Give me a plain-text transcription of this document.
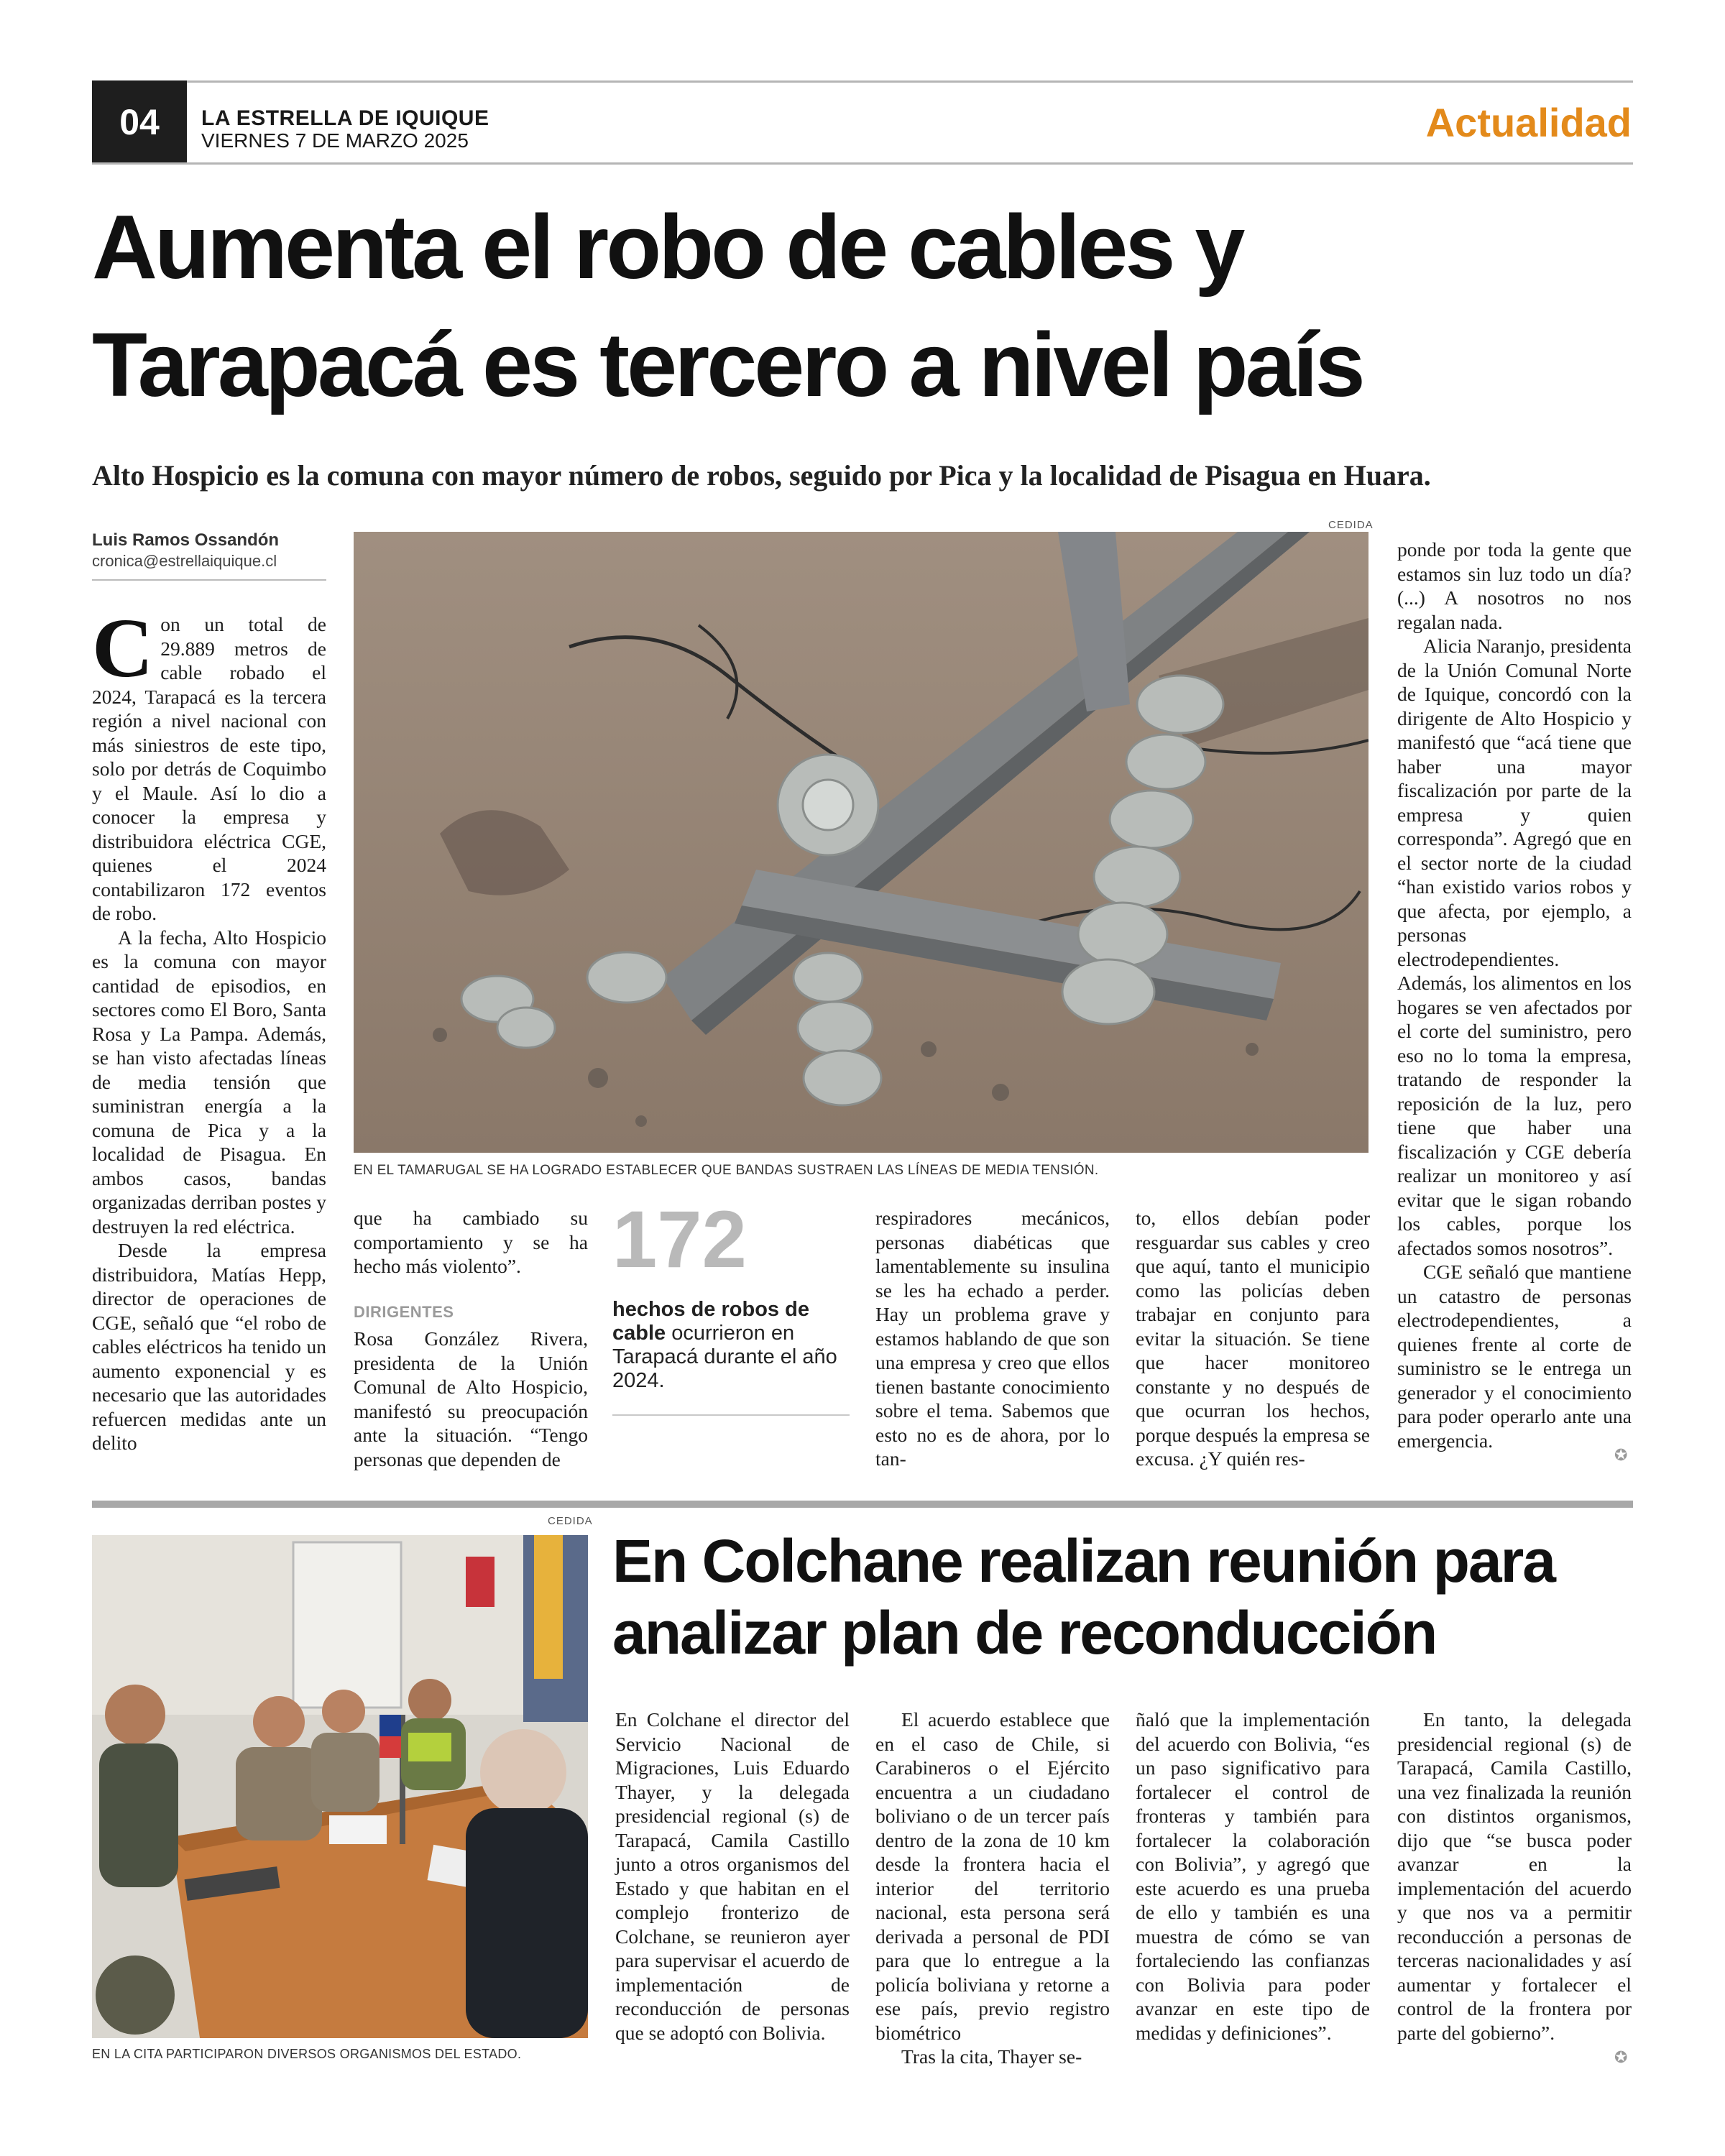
04	LA ESTRELLA DE IQUIQUE
VIERNES 7 DE MARZO 2025	Actualidad
Aumenta el robo de cables y
Tarapacá es tercero a nivel país
Alto Hospicio es la comuna con mayor número de robos, seguido por Pica y la localidad de Pisagua en Huara.
Luis Ramos Ossandón
cronica@estrellaiquique.cl

Con un total de 29.889 metros de cable robado el 2024, Tarapacá es la tercera región a nivel nacional con más siniestros de este tipo, solo por detrás de Coquimbo y el Maule. Así lo dio a conocer la empresa y distribuidora eléctrica CGE, quienes el 2024 contabilizaron 172 eventos de robo.

A la fecha, Alto Hospicio es la comuna con mayor cantidad de episodios, en sectores como El Boro, Santa Rosa y La Pampa. Además, se han visto afectadas líneas de media tensión que suministran energía a la comuna de Pica y a la localidad de Pisagua. En ambos casos, bandas organizadas derriban postes y destruyen la red eléctrica.

Desde la empresa distribuidora, Matías Hepp, director de operaciones de CGE, señaló que “el robo de cables eléctricos ha tenido un aumento exponencial y es necesario que las autoridades refuercen medidas ante un delito

CEDIDA
EN EL TAMARUGAL SE HA LOGRADO ESTABLECER QUE BANDAS SUSTRAEN LAS LÍNEAS DE MEDIA TENSIÓN.

que ha cambiado su comportamiento y se ha hecho más violento”.

DIRIGENTES

Rosa González Rivera, presidenta de la Unión Comunal de Alto Hospicio, manifestó su preocupación ante la situación. “Tengo personas que dependen de

172
hechos de robos de cable ocurrieron en Tarapacá durante el año 2024.

respiradores mecánicos, personas diabéticas que lamentablemente su insulina se les ha echado a perder. Hay un problema grave y estamos hablando de que son una empresa y creo que ellos tienen bastante conocimiento sobre el tema. Sabemos que esto no es de ahora, por lo tan-

to, ellos debían poder resguardar sus cables y creo que aquí, tanto el municipio como las policías deben trabajar en conjunto para evitar la situación. Se tiene que hacer monitoreo constante y no después de que ocurran los hechos, porque después la empresa se excusa. ¿Y quién res-

ponde por toda la gente que estamos sin luz todo un día? (...) A nosotros no nos regalan nada.

Alicia Naranjo, presidenta de la Unión Comunal Norte de Iquique, concordó con la dirigente de Alto Hospicio y manifestó que “acá tiene que haber una mayor fiscalización por parte de la empresa y quien corresponda”. Agregó que en el sector norte de la ciudad “han existido varios robos y que afecta, por ejemplo, a personas electrodependientes. Además, los alimentos en los hogares se ven afectados por el corte del suministro, pero eso no lo toma la empresa, tratando de responder la reposición de la luz, pero tiene que haber una fiscalización y CGE debería realizar un monitoreo y así evitar que le sigan robando los cables, porque los afectados somos nosotros”.

CGE señaló que mantiene un catastro de personas electrodependientes, a quienes frente al corte de suministro se le entrega un generador y el conocimiento para poder operarlo ante una emergencia.

✪
CEDIDA
EN LA CITA PARTICIPARON DIVERSOS ORGANISMOS DEL ESTADO.
En Colchane realizan reunión para
analizar plan de reconducción

En Colchane el director del Servicio Nacional de Migraciones, Luis Eduardo Thayer, y la delegada presidencial regional (s) de Tarapacá, Camila Castillo junto a otros organismos del Estado y que habitan en el complejo fronterizo de Colchane, se reunieron ayer para supervisar el acuerdo de implementación de reconducción de personas que se adoptó con Bolivia.

El acuerdo establece que en el caso de Chile, si Carabineros o el Ejército encuentra a un ciudadano boliviano o de un tercer país dentro de la zona de 10 km desde la frontera hacia el interior del territorio nacional, esta persona será derivada a personal de PDI para que lo entregue a la policía boliviana y retorne a ese país, previo registro biométrico

Tras la cita, Thayer se-

ñaló que la implementación del acuerdo con Bolivia, “es un paso significativo para fortalecer el control de fronteras y también para fortalecer la colaboración con Bolivia”, y agregó que este acuerdo es una prueba de ello y también es una muestra de cómo se van fortaleciendo las confianzas con Bolivia para poder avanzar en este tipo de medidas y definiciones”.

En tanto, la delegada presidencial regional (s) de Tarapacá, Camila Castillo, una vez finalizada la reunión con distintos organismos, dijo que “se busca poder avanzar en la implementación del acuerdo y que nos va a permitir reconducción a personas de terceras nacionalidades y así aumentar y fortalecer el control de la frontera por parte del gobierno”.

✪
